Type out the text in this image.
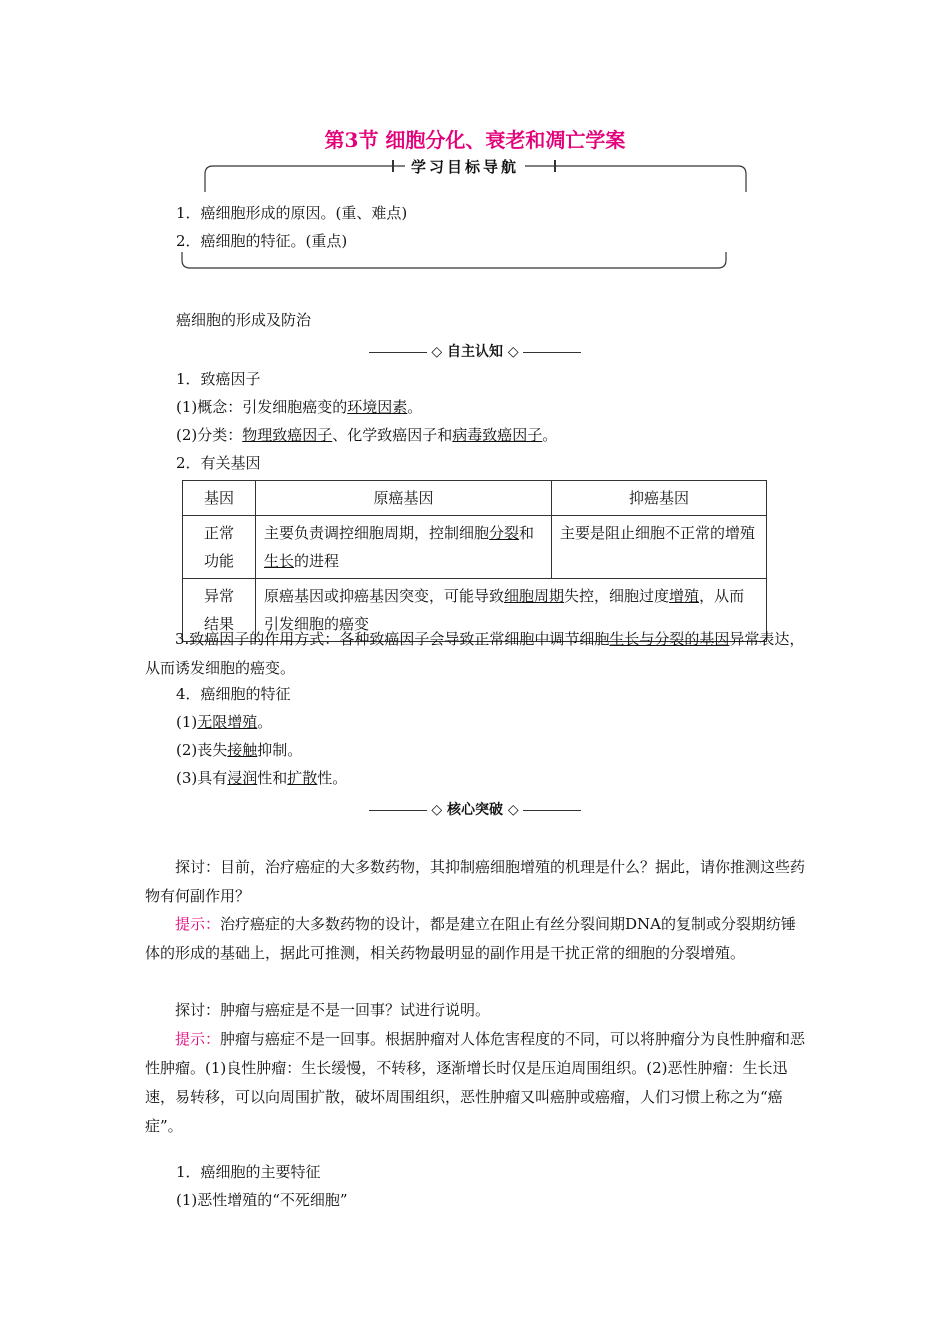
第3节 细胞分化、衰老和凋亡学案
学习目标导航
1．癌细胞形成的原因。(重、难点)
2．癌细胞的特征。(重点)
癌细胞的形成及防治
◇ 自主认知 ◇
1．致癌因子
(1)概念：引发细胞癌变的环境因素。
(2)分类：物理致癌因子、化学致癌因子和病毒致癌因子。
2．有关基因
基因	原癌基因	抑癌基因
正常
功能	主要负责调控细胞周期，控制细胞分裂和生长的进程	主要是阻止细胞不正常的增殖
异常
结果	原癌基因或抑癌基因突变，可能导致细胞周期失控，细胞过度增殖，从而引发细胞的癌变	
3.致癌因子的作用方式：各种致癌因子会导致正常细胞中调节细胞生长与分裂的基因异常表达，从而诱发细胞的癌变。
4．癌细胞的特征
(1)无限增殖。
(2)丧失接触抑制。
(3)具有浸润性和扩散性。
◇ 核心突破 ◇
探讨：目前，治疗癌症的大多数药物，其抑制癌细胞增殖的机理是什么？据此，请你推测这些药物有何副作用？
提示：治疗癌症的大多数药物的设计，都是建立在阻止有丝分裂间期DNA的复制或分裂期纺锤体的形成的基础上，据此可推测，相关药物最明显的副作用是干扰正常的细胞的分裂增殖。
探讨：肿瘤与癌症是不是一回事？试进行说明。
提示：肿瘤与癌症不是一回事。根据肿瘤对人体危害程度的不同，可以将肿瘤分为良性肿瘤和恶性肿瘤。(1)良性肿瘤：生长缓慢，不转移，逐渐增长时仅是压迫周围组织。(2)恶性肿瘤：生长迅速，易转移，可以向周围扩散，破坏周围组织，恶性肿瘤又叫癌肿或癌瘤，人们习惯上称之为“癌症”。
1．癌细胞的主要特征
(1)恶性增殖的“不死细胞”
